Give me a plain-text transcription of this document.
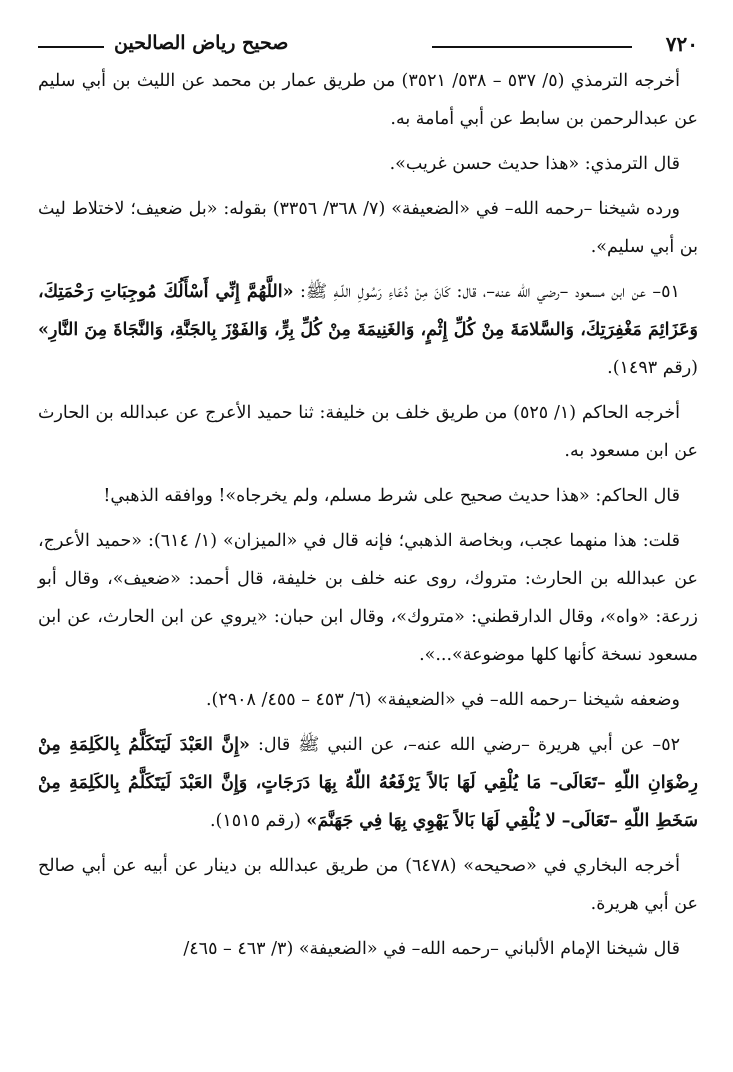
٧٢٠
صحيح رياض الصالحين

أخرجه الترمذي (٥/ ٥٣٧ – ٥٣٨/ ٣٥٢١) من طريق عمار بن محمد عن الليث بن أبي سليم عن عبدالرحمن بن سابط عن أبي أمامة به.

قال الترمذي: «هذا حديث حسن غريب».

ورده شيخنا –رحمه الله– في «الضعيفة» (٧/ ٣٦٨/ ٣٣٥٦) بقوله: «بل ضعيف؛ لاختلاط ليث بن أبي سليم».

٥١– عن ابن مسعود –رضي الله عنه–، قال: كَانَ مِنْ دُعَاءِ رَسُولِ اللّـهِ ﷺ: «اللَّهُمَّ إِنِّي أَسْأَلُكَ مُوجِبَاتِ رَحْمَتِكَ، وَعَزَائِمَ مَغْفِرَتِكَ، وَالسَّلامَةَ مِنْ كُلِّ إِثْمٍ، وَالغَنِيمَةَ مِنْ كُلِّ بِرٍّ، وَالفَوْزَ بِالجَنَّةِ، وَالنَّجَاةَ مِنَ النَّارِ» (رقم ١٤٩٣).

أخرجه الحاكم (١/ ٥٢٥) من طريق خلف بن خليفة: ثنا حميد الأعرج عن عبدالله بن الحارث عن ابن مسعود به.

قال الحاكم: «هذا حديث صحيح على شرط مسلم، ولم يخرجاه»! ووافقه الذهبي!

قلت: هذا منهما عجب، وبخاصة الذهبي؛ فإنه قال في «الميزان» (١/ ٦١٤): «حميد الأعرج، عن عبدالله بن الحارث: متروك، روى عنه خلف بن خليفة، قال أحمد: «ضعيف»، وقال أبو زرعة: «واه»، وقال الدارقطني: «متروك»، وقال ابن حبان: «يروي عن ابن الحارث، عن ابن مسعود نسخة كأنها كلها موضوعة»...».

وضعفه شيخنا –رحمه الله– في «الضعيفة» (٦/ ٤٥٣ – ٤٥٥/ ٢٩٠٨).

٥٢– عن أبي هريرة –رضي الله عنه–، عن النبي ﷺ قال: «إِنَّ العَبْدَ لَيَتَكَلَّمُ بِالكَلِمَةِ مِنْ رِضْوَانِ اللّهِ –تَعَالَى– مَا يُلْقِي لَهَا بَالاً يَرْفَعُهُ اللّهُ بِهَا دَرَجَاتٍ، وَإِنَّ العَبْدَ لَيَتَكَلَّمُ بِالكَلِمَةِ مِنْ سَخَطِ اللّهِ –تَعَالَى– لا يُلْقِي لَهَا بَالاً يَهْوِي بِهَا فِي جَهَنَّمَ» (رقم ١٥١٥).

أخرجه البخاري في «صحيحه» (٦٤٧٨) من طريق عبدالله بن دينار عن أبيه عن أبي صالح عن أبي هريرة.

قال شيخنا الإمام الألباني –رحمه الله– في «الضعيفة» (٣/ ٤٦٣ – ٤٦٥/
